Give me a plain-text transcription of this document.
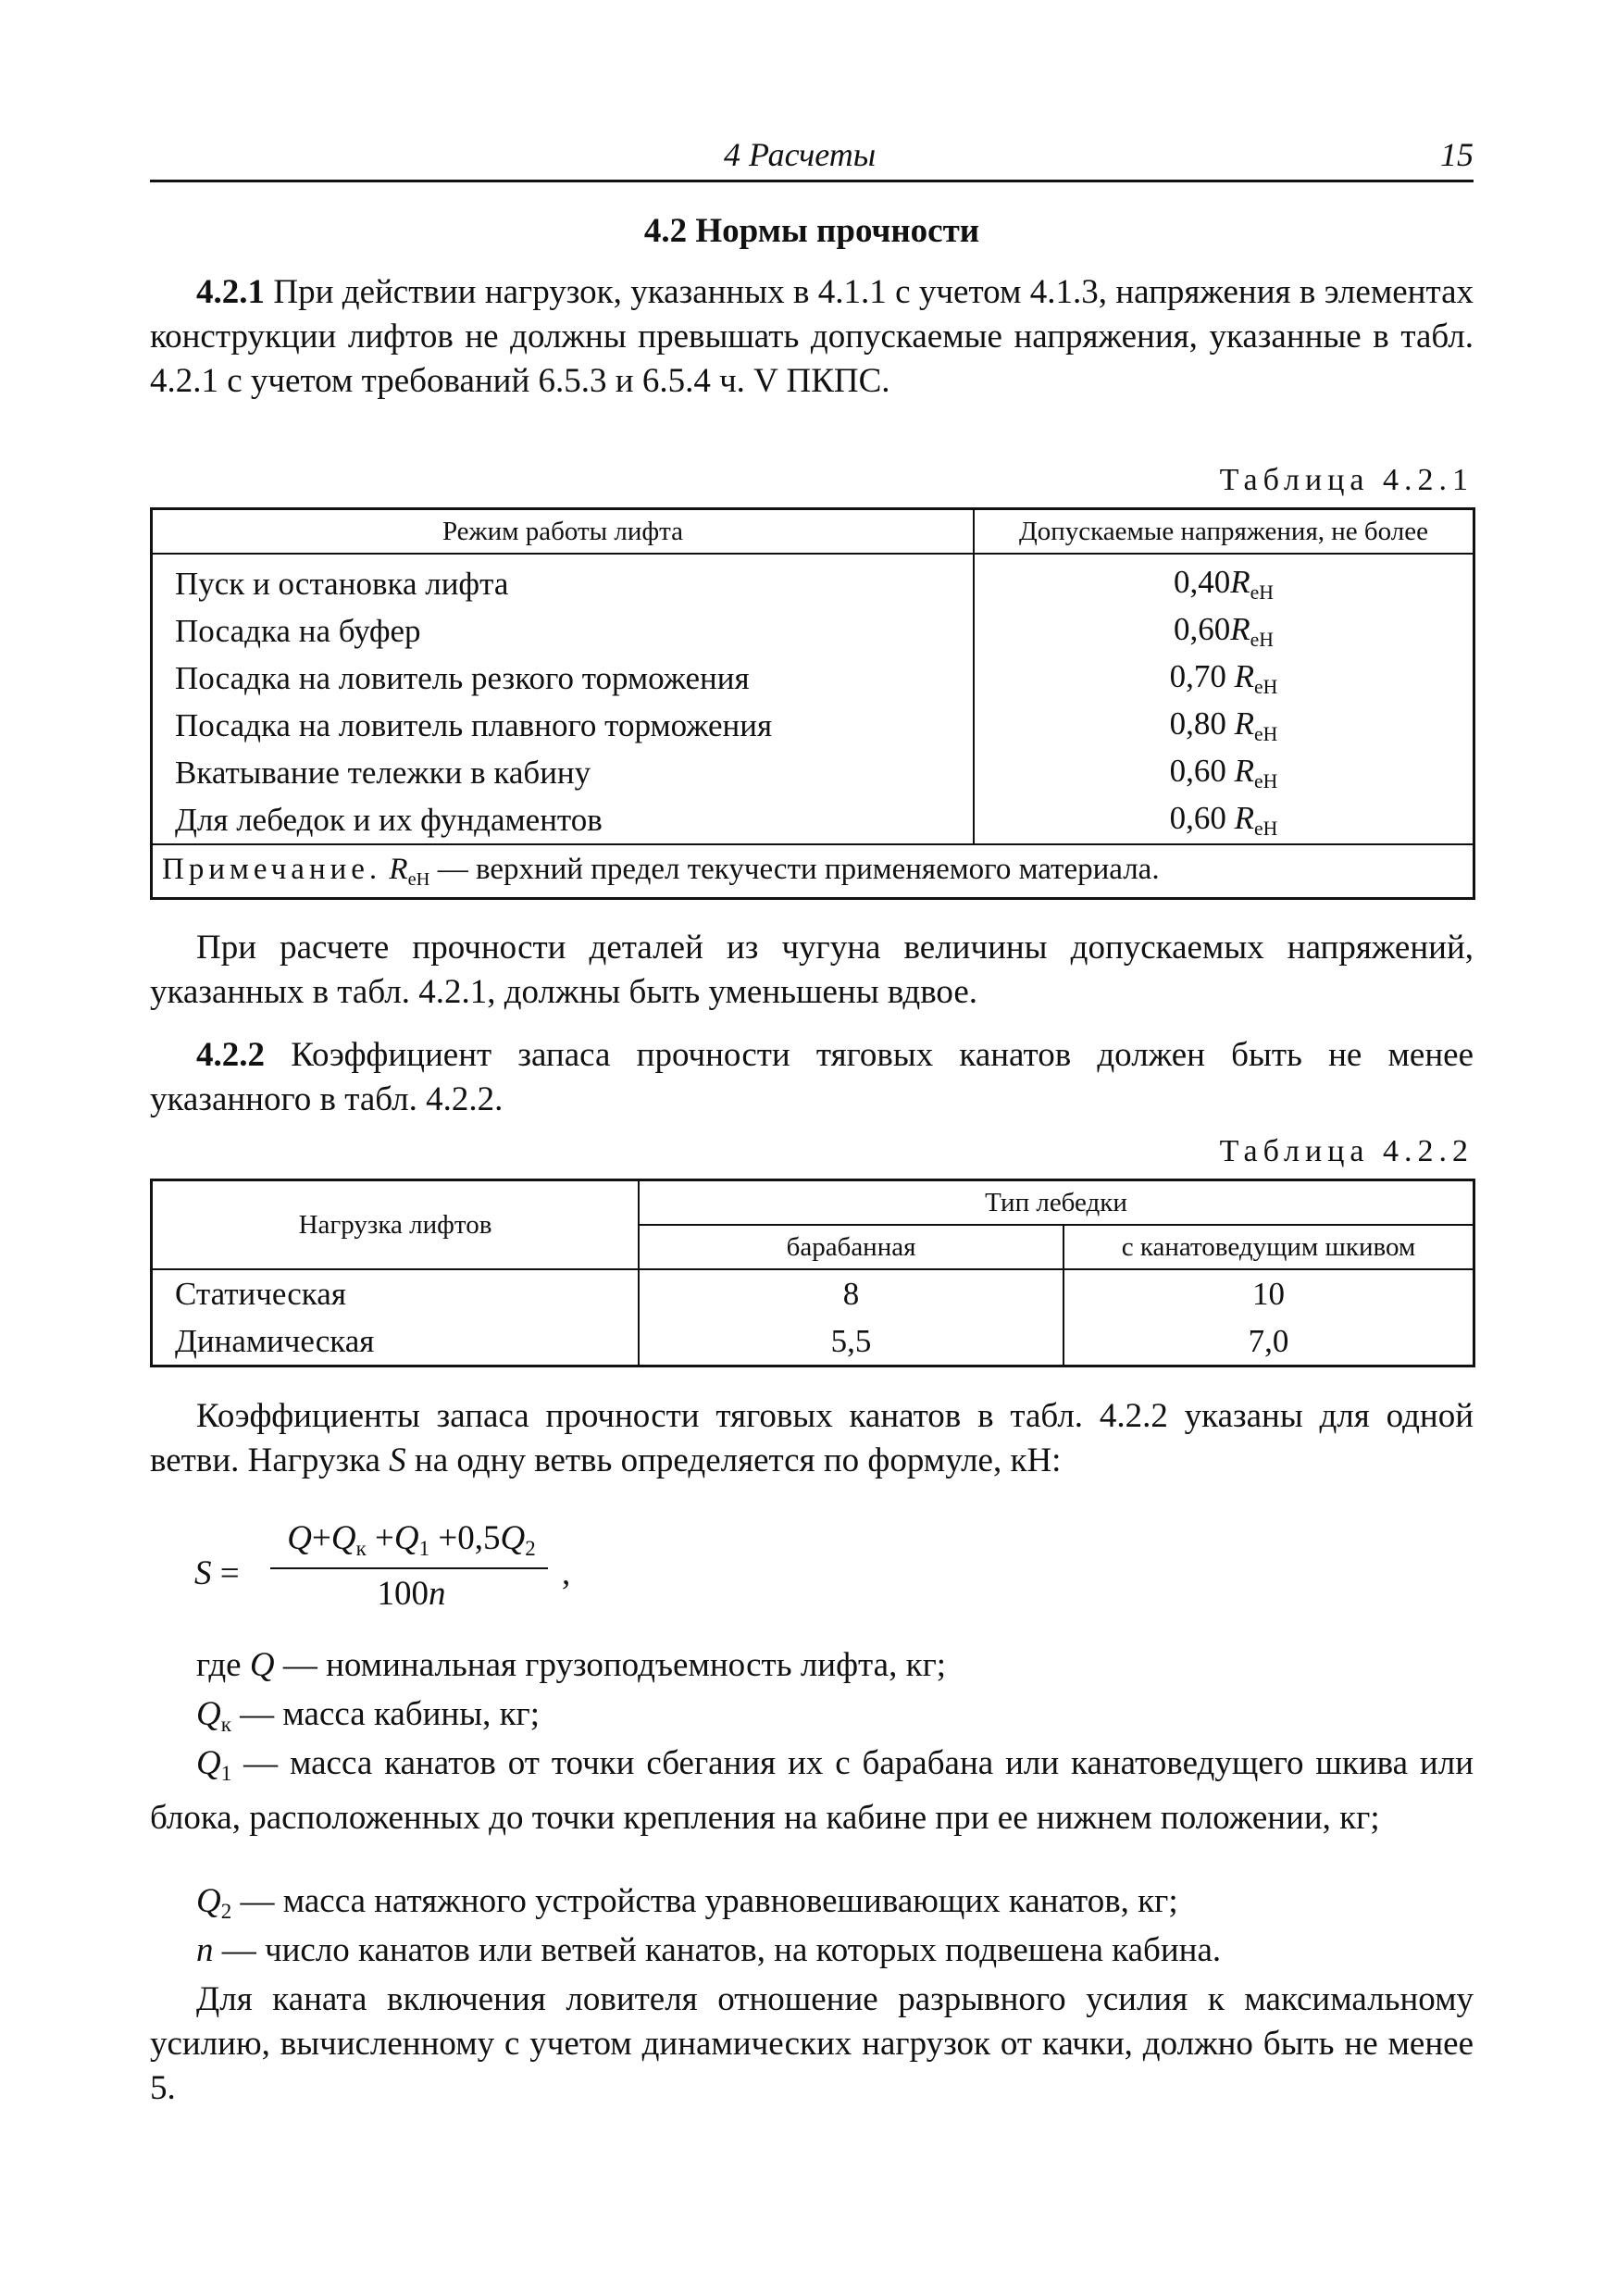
4 Расчеты	15
4.2 Нормы прочности

4.2.1 При действии нагрузок, указанных в 4.1.1 с учетом 4.1.3, напряжения в элементах конструкции лифтов не должны превышать допускаемые напряжения, указанные в табл. 4.2.1 с учетом требований 6.5.3 и 6.5.4 ч. V ПКПС.

Таблица 4.2.1
Режим работы лифта	Допускаемые напряжения, не более
Пуск и остановка лифта	$0,40R_{eH}$
Посадка на буфер	$0,60R_{eH}$
Посадка на ловитель резкого торможения	0,70 $R_{eH}$
Посадка на ловитель плавного торможения	0,80 $R_{eH}$
Вкатывание тележки в кабину	0,60 $R_{eH}$
Для лебедок и их фундаментов	0,60 $R_{eH}$
Примечание. $R_{eH}$ — верхний предел текучести применяемого материала.	

При расчете прочности деталей из чугуна величины допускаемых напряжений, указанных в табл. 4.2.1, должны быть уменьшены вдвое.

4.2.2 Коэффициент запаса прочности тяговых канатов должен быть не менее указанного в табл. 4.2.2.

Таблица 4.2.2
Нагрузка лифтов	Тип лебедки	
	барабанная	с канатоведущим шкивом
Статическая	8	10
Динамическая	5,5	7,0

Коэффициенты запаса прочности тяговых канатов в табл. 4.2.2 указаны для одной ветви. Нагрузка S на одну ветвь определяется по формуле, кН:

S =
$Q+Q_к +Q_1 +0,5Q_2$
100n
,

где Q — номинальная грузоподъемность лифта, кг;

$Q_к$ — масса кабины, кг;

$Q_1$ — масса канатов от точки сбегания их с барабана или канатоведущего шкива или блока, расположенных до точки крепления на кабине при ее нижнем положении, кг;

$Q_2$ — масса натяжного устройства уравновешивающих канатов, кг;

n — число канатов или ветвей канатов, на которых подвешена кабина.

Для каната включения ловителя отношение разрывного усилия к максимальному усилию, вычисленному с учетом динамических нагрузок от качки, должно быть не менее 5.
